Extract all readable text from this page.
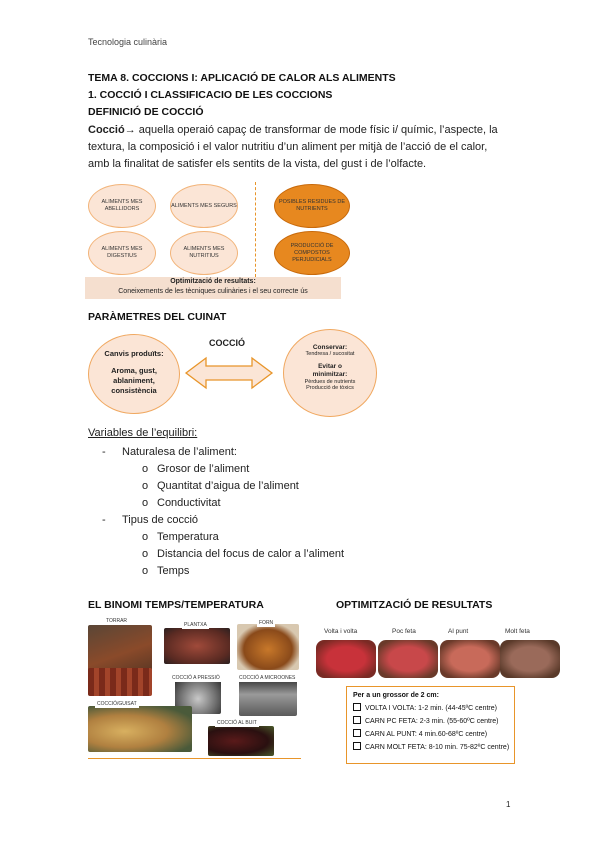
Tecnologia culinària
TEMA 8. COCCIONS I: APLICACIÓ DE CALOR ALS ALIMENTS
1. COCCIÓ I CLASSIFICACIO DE LES COCCIONS
DEFINICIÓ DE COCCIÓ
Cocció→ aquella operaió capaç de transformar de mode físic i/ químic, l’aspecte, la textura, la composició i el valor nutritiu d’un aliment per mitjà de l’acció de el calor, amb la finalitat de satisfer els sentits de la vista, del gust i de l’olfacte.
ALIMENTS MES ABELLIDORS
ALIMENTS MES SEGURS
ALIMENTS MES DIGESTIUS
ALIMENTS MES NUTRITIUS
POSIBLES RESIDUES DE NUTRIENTS
PRODUCCIÓ DE COMPOSTOS PERJUDICIALS
Optimització de resultats:
Coneixements de les tècniques culinàries i el seu correcte ús
PARÀMETRES DEL CUINAT
Canvis produïts:
Aroma, gust, ablaniment, consistència
COCCIÓ	Conservar:
Tendresa / sucositat
Evitar o minimitzar:
Pèrdues de nutrients
Producció de tòxics
Variables de l’equilibri:
- Naturalesa de l’aliment:
o Grosor de l’aliment
o Quantitat d’aigua de l’aliment
o Conductivitat
- Tipus de cocció
o Temperatura
o Distancia del focus de calor a l’aliment
o Temps
EL BINOMI TEMPS/TEMPERATURA
TORRAR
PLANTXA	FORN
COCCIÓ A PRESSIÓ	COCCIÓ A MICROONES
COCCIÓ/GUISAT
COCCIÓ AL BUIT
OPTIMITZACIÓ DE RESULTATS
Volta i volta	Poc feta	Al punt	Molt feta
Per a un grossor de 2 cm:
VOLTA I VOLTA: 1-2 min. (44-45ºC centre)
CARN PC FETA: 2-3 min. (55-60ºC centre)
CARN AL PUNT: 4 min.60-68ºC centre)
CARN MOLT FETA: 8-10 min. 75-82ºC centre)
1
